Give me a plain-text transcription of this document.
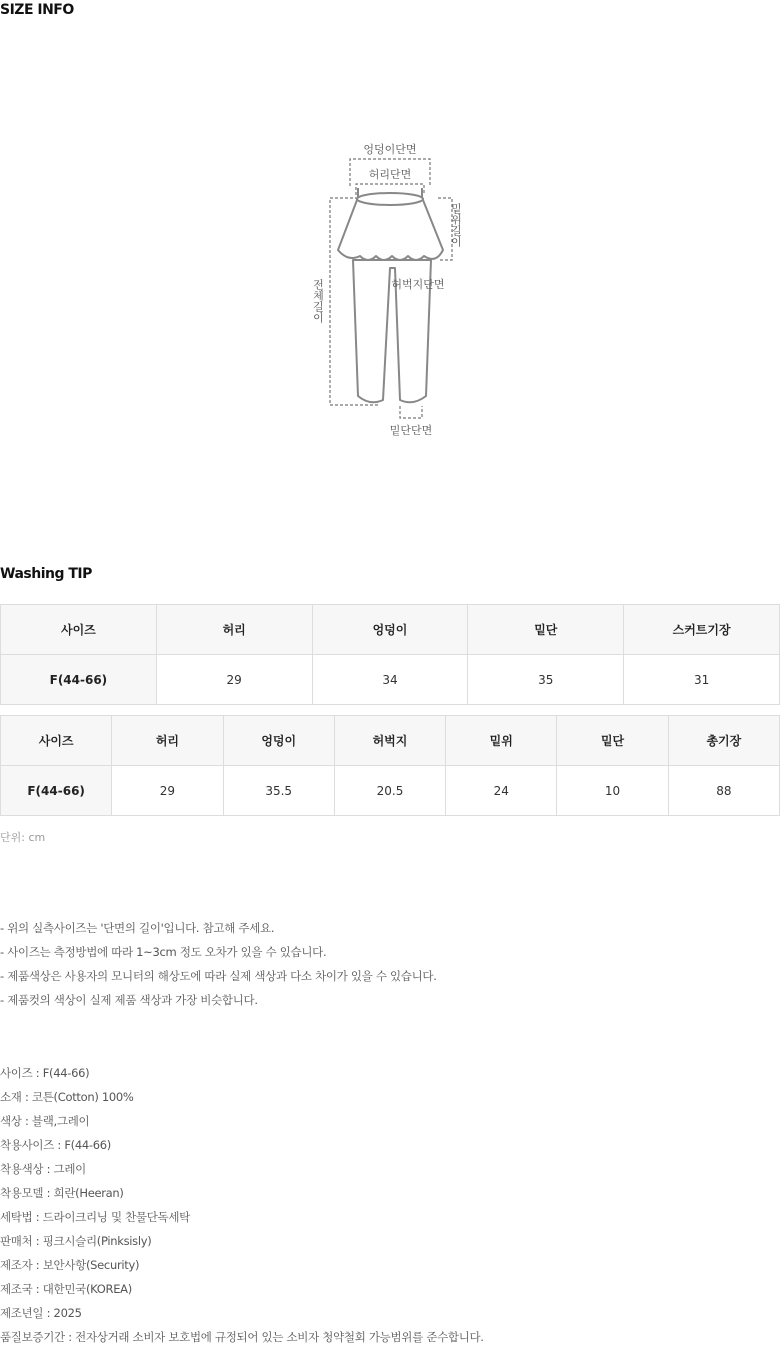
SIZE INFO
엉덩이단면
허리단면
허벅지단면
밑단단면
밑위길이
전체길이
Washing TIP
사이즈	허리	엉덩이	밑단	스커트기장
F(44-66)	29	34	35	31
사이즈	허리	엉덩이	허벅지	밑위	밑단	총기장
F(44-66)	29	35.5	20.5	24	10	88
단위: cm
- 위의 실측사이즈는 '단면의 길이'입니다. 참고해 주세요.
- 사이즈는 측정방법에 따라 1~3cm 정도 오차가 있을 수 있습니다.
- 제품색상은 사용자의 모니터의 해상도에 따라 실제 색상과 다소 차이가 있을 수 있습니다.
- 제품컷의 색상이 실제 제품 색상과 가장 비슷합니다.
사이즈 : F(44-66)
소재 : 코튼(Cotton) 100%
색상 : 블랙,그레이
착용사이즈 : F(44-66)
착용색상 : 그레이
착용모델 : 희란(Heeran)
세탁법 : 드라이크리닝 및 찬물단독세탁
판매처 : 핑크시슬리(Pinksisly)
제조자 : 보안사항(Security)
제조국 : 대한민국(KOREA)
제조년일 : 2025
품질보증기간 : 전자상거래 소비자 보호법에 규정되어 있는 소비자 청약철회 가능범위를 준수합니다.
